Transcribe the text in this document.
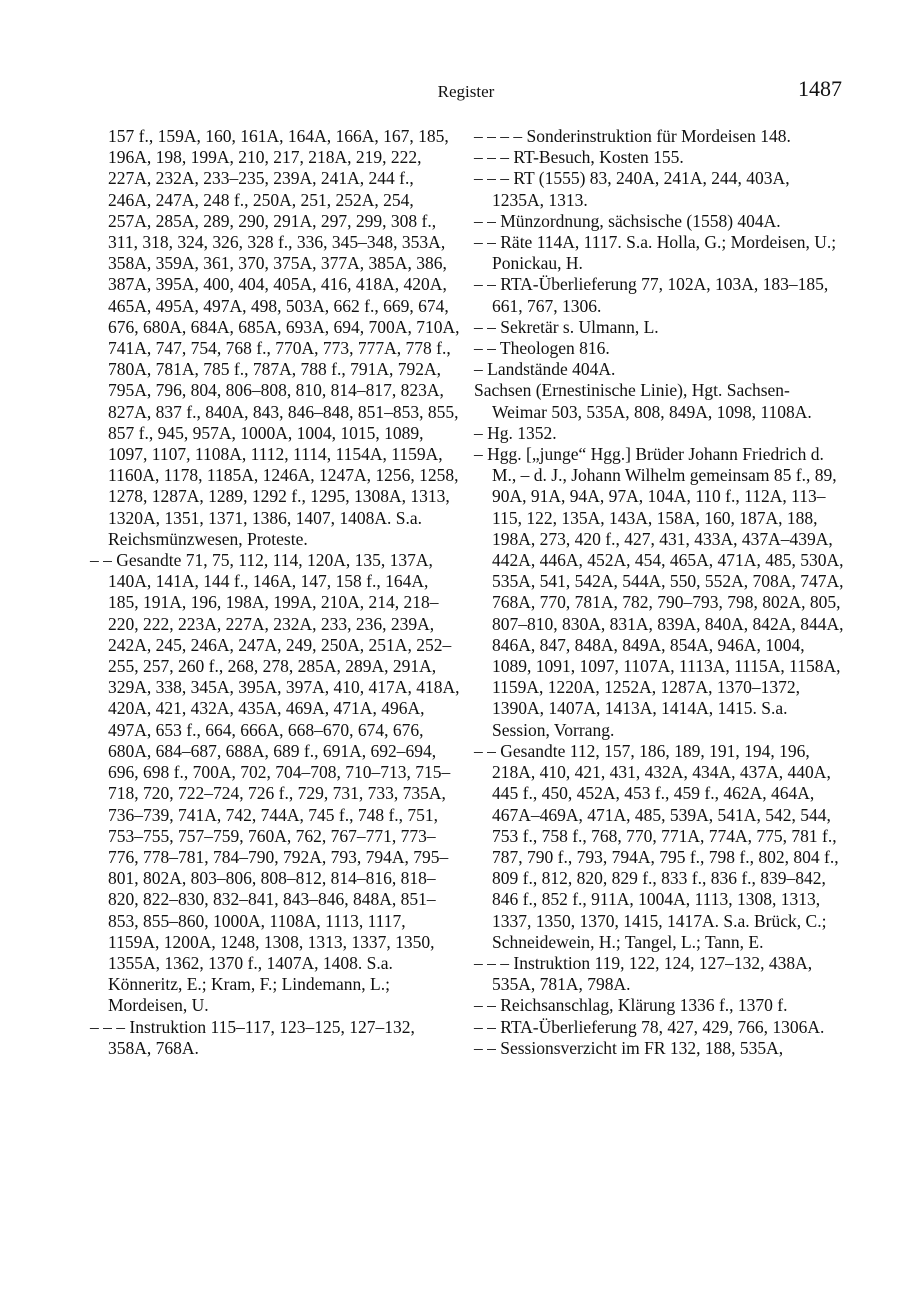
Register	1487
157 f., 159A, 160, 161A, 164A, 166A, 167, 185, 196A, 198, 199A, 210, 217, 218A, 219, 222, 227A, 232A, 233–235, 239A, 241A, 244 f., 246A, 247A, 248 f., 250A, 251, 252A, 254, 257A, 285A, 289, 290, 291A, 297, 299, 308 f., 311, 318, 324, 326, 328 f., 336, 345–348, 353A, 358A, 359A, 361, 370, 375A, 377A, 385A, 386, 387A, 395A, 400, 404, 405A, 416, 418A, 420A, 465A, 495A, 497A, 498, 503A, 662 f., 669, 674, 676, 680A, 684A, 685A, 693A, 694, 700A, 710A, 741A, 747, 754, 768 f., 770A, 773, 777A, 778 f., 780A, 781A, 785 f., 787A, 788 f., 791A, 792A, 795A, 796, 804, 806–808, 810, 814–817, 823A, 827A, 837 f., 840A, 843, 846–848, 851–853, 855, 857 f., 945, 957A, 1000A, 1004, 1015, 1089, 1097, 1107, 1108A, 1112, 1114, 1154A, 1159A, 1160A, 1178, 1185A, 1246A, 1247A, 1256, 1258, 1278, 1287A, 1289, 1292 f., 1295, 1308A, 1313, 1320A, 1351, 1371, 1386, 1407, 1408A. S.a. Reichsmünzwesen, Proteste.
– – Gesandte 71, 75, 112, 114, 120A, 135, 137A, 140A, 141A, 144 f., 146A, 147, 158 f., 164A, 185, 191A, 196, 198A, 199A, 210A, 214, 218–220, 222, 223A, 227A, 232A, 233, 236, 239A, 242A, 245, 246A, 247A, 249, 250A, 251A, 252–255, 257, 260 f., 268, 278, 285A, 289A, 291A, 329A, 338, 345A, 395A, 397A, 410, 417A, 418A, 420A, 421, 432A, 435A, 469A, 471A, 496A, 497A, 653 f., 664, 666A, 668–670, 674, 676, 680A, 684–687, 688A, 689 f., 691A, 692–694, 696, 698 f., 700A, 702, 704–708, 710–713, 715–718, 720, 722–724, 726 f., 729, 731, 733, 735A, 736–739, 741A, 742, 744A, 745 f., 748 f., 751, 753–755, 757–759, 760A, 762, 767–771, 773–776, 778–781, 784–790, 792A, 793, 794A, 795–801, 802A, 803–806, 808–812, 814–816, 818–820, 822–830, 832–841, 843–846, 848A, 851–853, 855–860, 1000A, 1108A, 1113, 1117, 1159A, 1200A, 1248, 1308, 1313, 1337, 1350, 1355A, 1362, 1370 f., 1407A, 1408. S.a. Könneritz, E.; Kram, F.; Lindemann, L.; Mordeisen, U.
– – – Instruktion 115–117, 123–125, 127–132, 358A, 768A.
– – – – Sonderinstruktion für Mordeisen 148.
– – – RT-Besuch, Kosten 155.
– – – RT (1555) 83, 240A, 241A, 244, 403A, 1235A, 1313.
– – Münzordnung, sächsische (1558) 404A.
– – Räte 114A, 1117. S.a. Holla, G.; Mordeisen, U.; Ponickau, H.
– – RTA-Überlieferung 77, 102A, 103A, 183–185, 661, 767, 1306.
– – Sekretär s. Ulmann, L.
– – Theologen 816.
– Landstände 404A.
Sachsen (Ernestinische Linie), Hgt. Sachsen-Weimar 503, 535A, 808, 849A, 1098, 1108A.
– Hg. 1352.
– Hgg. [„junge“ Hgg.] Brüder Johann Friedrich d. M., – d. J., Johann Wilhelm gemeinsam 85 f., 89, 90A, 91A, 94A, 97A, 104A, 110 f., 112A, 113–115, 122, 135A, 143A, 158A, 160, 187A, 188, 198A, 273, 420 f., 427, 431, 433A, 437A–439A, 442A, 446A, 452A, 454, 465A, 471A, 485, 530A, 535A, 541, 542A, 544A, 550, 552A, 708A, 747A, 768A, 770, 781A, 782, 790–793, 798, 802A, 805, 807–810, 830A, 831A, 839A, 840A, 842A, 844A, 846A, 847, 848A, 849A, 854A, 946A, 1004, 1089, 1091, 1097, 1107A, 1113A, 1115A, 1158A, 1159A, 1220A, 1252A, 1287A, 1370–1372, 1390A, 1407A, 1413A, 1414A, 1415. S.a. Session, Vorrang.
– – Gesandte 112, 157, 186, 189, 191, 194, 196, 218A, 410, 421, 431, 432A, 434A, 437A, 440A, 445 f., 450, 452A, 453 f., 459 f., 462A, 464A, 467A–469A, 471A, 485, 539A, 541A, 542, 544, 753 f., 758 f., 768, 770, 771A, 774A, 775, 781 f., 787, 790 f., 793, 794A, 795 f., 798 f., 802, 804 f., 809 f., 812, 820, 829 f., 833 f., 836 f., 839–842, 846 f., 852 f., 911A, 1004A, 1113, 1308, 1313, 1337, 1350, 1370, 1415, 1417A. S.a. Brück, C.; Schneidewein, H.; Tangel, L.; Tann, E.
– – – Instruktion 119, 122, 124, 127–132, 438A, 535A, 781A, 798A.
– – Reichsanschlag, Klärung 1336 f., 1370 f.
– – RTA-Überlieferung 78, 427, 429, 766, 1306A.
– – Sessionsverzicht im FR 132, 188, 535A,
